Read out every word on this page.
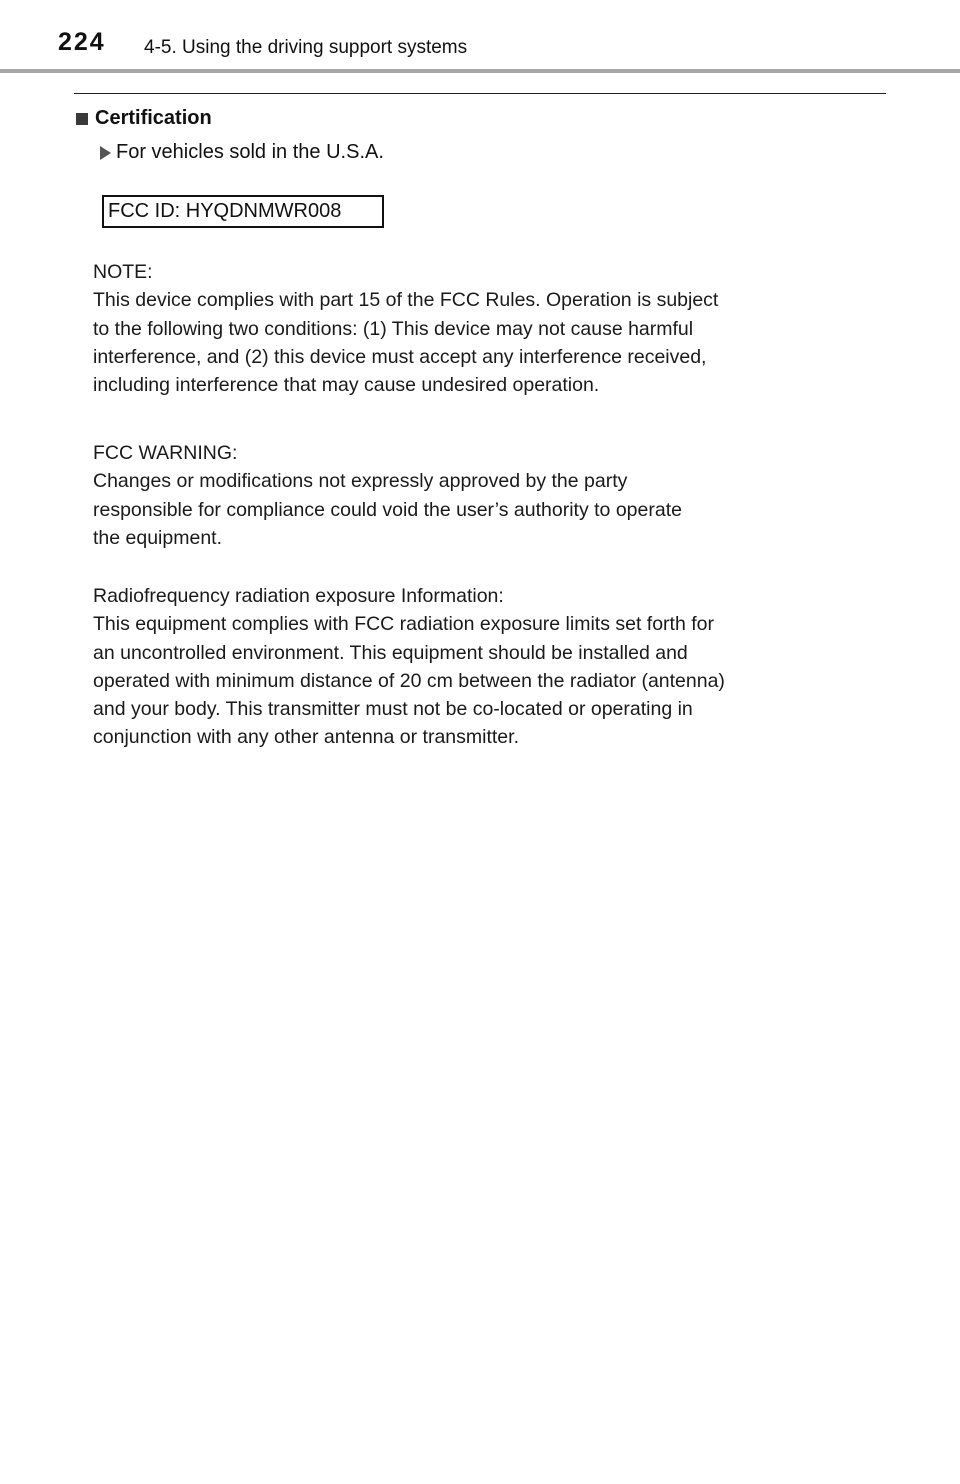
224 4-5. Using the driving support systems
Certification
For vehicles sold in the U.S.A.
FCC ID: HYQDNMWR008
NOTE:
This device complies with part 15 of the FCC Rules. Operation is subject
to the following two conditions: (1) This device may not cause harmful
interference, and (2) this device must accept any interference received,
including interference that may cause undesired operation.
FCC WARNING:
Changes or modifications not expressly approved by the party
responsible for compliance could void the user’s authority to operate
the equipment.
Radiofrequency radiation exposure Information:
This equipment complies with FCC radiation exposure limits set forth for
an uncontrolled environment. This equipment should be installed and
operated with minimum distance of 20 cm between the radiator (antenna)
and your body. This transmitter must not be co-located or operating in
conjunction with any other antenna or transmitter.
